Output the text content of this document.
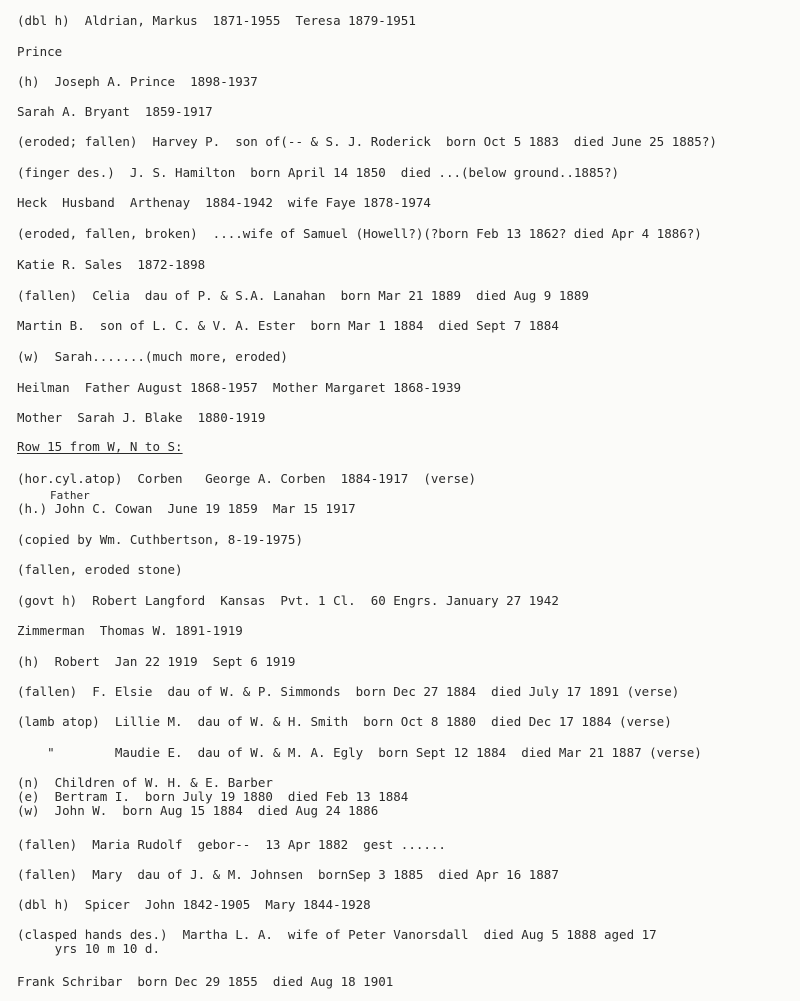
(dbl h)  Aldrian, Markus  1871-1955  Teresa 1879-1951
Prince
(h)  Joseph A. Prince  1898-1937
Sarah A. Bryant  1859-1917
(eroded; fallen)  Harvey P.  son of(-- & S. J. Roderick  born Oct 5 1883  died June 25 1885?)
(finger des.)  J. S. Hamilton  born April 14 1850  died ...(below ground..1885?)
Heck  Husband  Arthenay  1884-1942  wife Faye 1878-1974
(eroded, fallen, broken)  ....wife of Samuel (Howell?)(?born Feb 13 1862? died Apr 4 1886?)
Katie R. Sales  1872-1898
(fallen)  Celia  dau of P. & S.A. Lanahan  born Mar 21 1889  died Aug 9 1889
Martin B.  son of L. C. & V. A. Ester  born Mar 1 1884  died Sept 7 1884
(w)  Sarah.......(much more, eroded)
Heilman  Father August 1868-1957  Mother Margaret 1868-1939
Mother  Sarah J. Blake  1880-1919
Row 15 from W, N to S:
(hor.cyl.atop)  Corben   George A. Corben  1884-1917  (verse)
Father
(h.) John C. Cowan  June 19 1859  Mar 15 1917
(copied by Wm. Cuthbertson, 8-19-1975)
(fallen, eroded stone)
(govt h)  Robert Langford  Kansas  Pvt. 1 Cl.  60 Engrs. January 27 1942
Zimmerman  Thomas W. 1891-1919
(h)  Robert  Jan 22 1919  Sept 6 1919
(fallen)  F. Elsie  dau of W. & P. Simmonds  born Dec 27 1884  died July 17 1891 (verse)
(lamb atop)  Lillie M.  dau of W. & H. Smith  born Oct 8 1880  died Dec 17 1884 (verse)
"        Maudie E.  dau of W. & M. A. Egly  born Sept 12 1884  died Mar 21 1887 (verse)
(n)  Children of W. H. & E. Barber
(e)  Bertram I.  born July 19 1880  died Feb 13 1884
(w)  John W.  born Aug 15 1884  died Aug 24 1886
(fallen)  Maria Rudolf  gebor--  13 Apr 1882  gest ......
(fallen)  Mary  dau of J. & M. Johnsen  bornSep 3 1885  died Apr 16 1887
(dbl h)  Spicer  John 1842-1905  Mary 1844-1928
(clasped hands des.)  Martha L. A.  wife of Peter Vanorsdall  died Aug 5 1888 aged 17
yrs 10 m 10 d.
Frank Schribar  born Dec 29 1855  died Aug 18 1901
